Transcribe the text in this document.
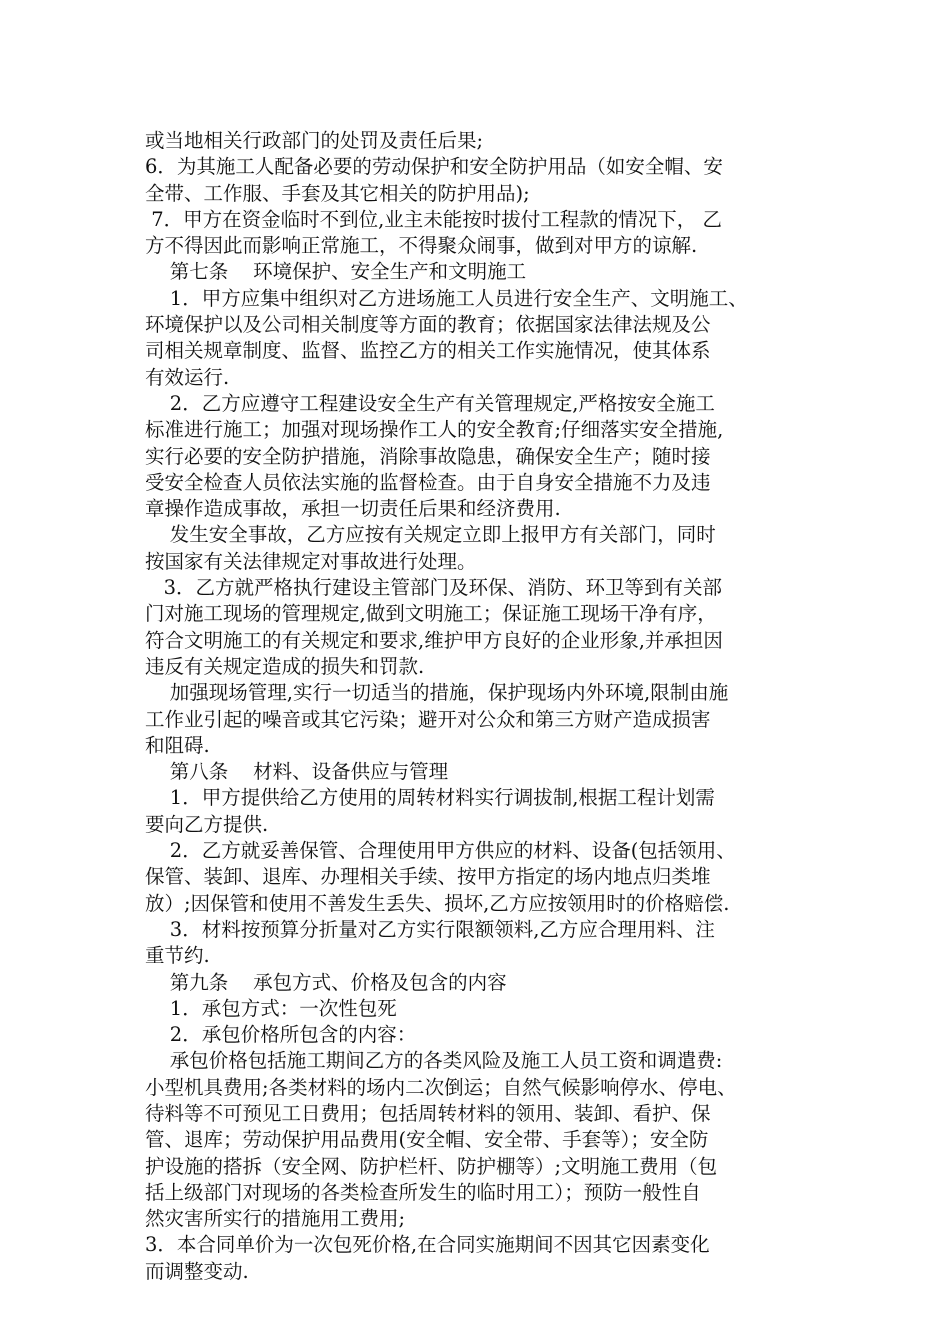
或当地相关行政部门的处罚及责任后果;
6．为其施工人配备必要的劳动保护和安全防护用品（如安全帽、安
全带、工作服、手套及其它相关的防护用品);
7．甲方在资金临时不到位,业主未能按时拔付工程款的情况下， 乙
方不得因此而影响正常施工，不得聚众闹事，做到对甲方的谅解.
第七条    环境保护、安全生产和文明施工
1．甲方应集中组织对乙方进场施工人员进行安全生产、文明施工、
环境保护以及公司相关制度等方面的教育；依据国家法律法规及公
司相关规章制度、监督、监控乙方的相关工作实施情况，使其体系
有效运行.
2．乙方应遵守工程建设安全生产有关管理规定,严格按安全施工
标准进行施工；加强对现场操作工人的安全教育;仔细落实安全措施,
实行必要的安全防护措施，消除事故隐患，确保安全生产；随时接
受安全检查人员依法实施的监督检查。由于自身安全措施不力及违
章操作造成事故，承担一切责任后果和经济费用.
发生安全事故，乙方应按有关规定立即上报甲方有关部门，同时
按国家有关法律规定对事故进行处理。
3．乙方就严格执行建设主管部门及环保、消防、环卫等到有关部
门对施工现场的管理规定,做到文明施工；保证施工现场干净有序，
符合文明施工的有关规定和要求,维护甲方良好的企业形象,并承担因
违反有关规定造成的损失和罚款.
加强现场管理,实行一切适当的措施，保护现场内外环境,限制由施
工作业引起的噪音或其它污染；避开对公众和第三方财产造成损害
和阻碍.
第八条    材料、设备供应与管理
1．甲方提供给乙方使用的周转材料实行调拔制,根据工程计划需
要向乙方提供.
2．乙方就妥善保管、合理使用甲方供应的材料、设备(包括领用、
保管、装卸、退库、办理相关手续、按甲方指定的场内地点归类堆
放）;因保管和使用不善发生丢失、损坏,乙方应按领用时的价格赔偿.
3．材料按预算分折量对乙方实行限额领料,乙方应合理用料、注
重节约.
第九条    承包方式、价格及包含的内容
1．承包方式：一次性包死
2．承包价格所包含的内容：
承包价格包括施工期间乙方的各类风险及施工人员工资和调遣费:
小型机具费用;各类材料的场内二次倒运；自然气候影响停水、停电、
待料等不可预见工日费用；包括周转材料的领用、装卸、看护、保
管、退库；劳动保护用品费用(安全帽、安全带、手套等）；安全防
护设施的搭拆（安全网、防护栏杆、防护棚等）;文明施工费用（包
括上级部门对现场的各类检查所发生的临时用工）；预防一般性自
然灾害所实行的措施用工费用;
3．本合同单价为一次包死价格,在合同实施期间不因其它因素变化
而调整变动.
